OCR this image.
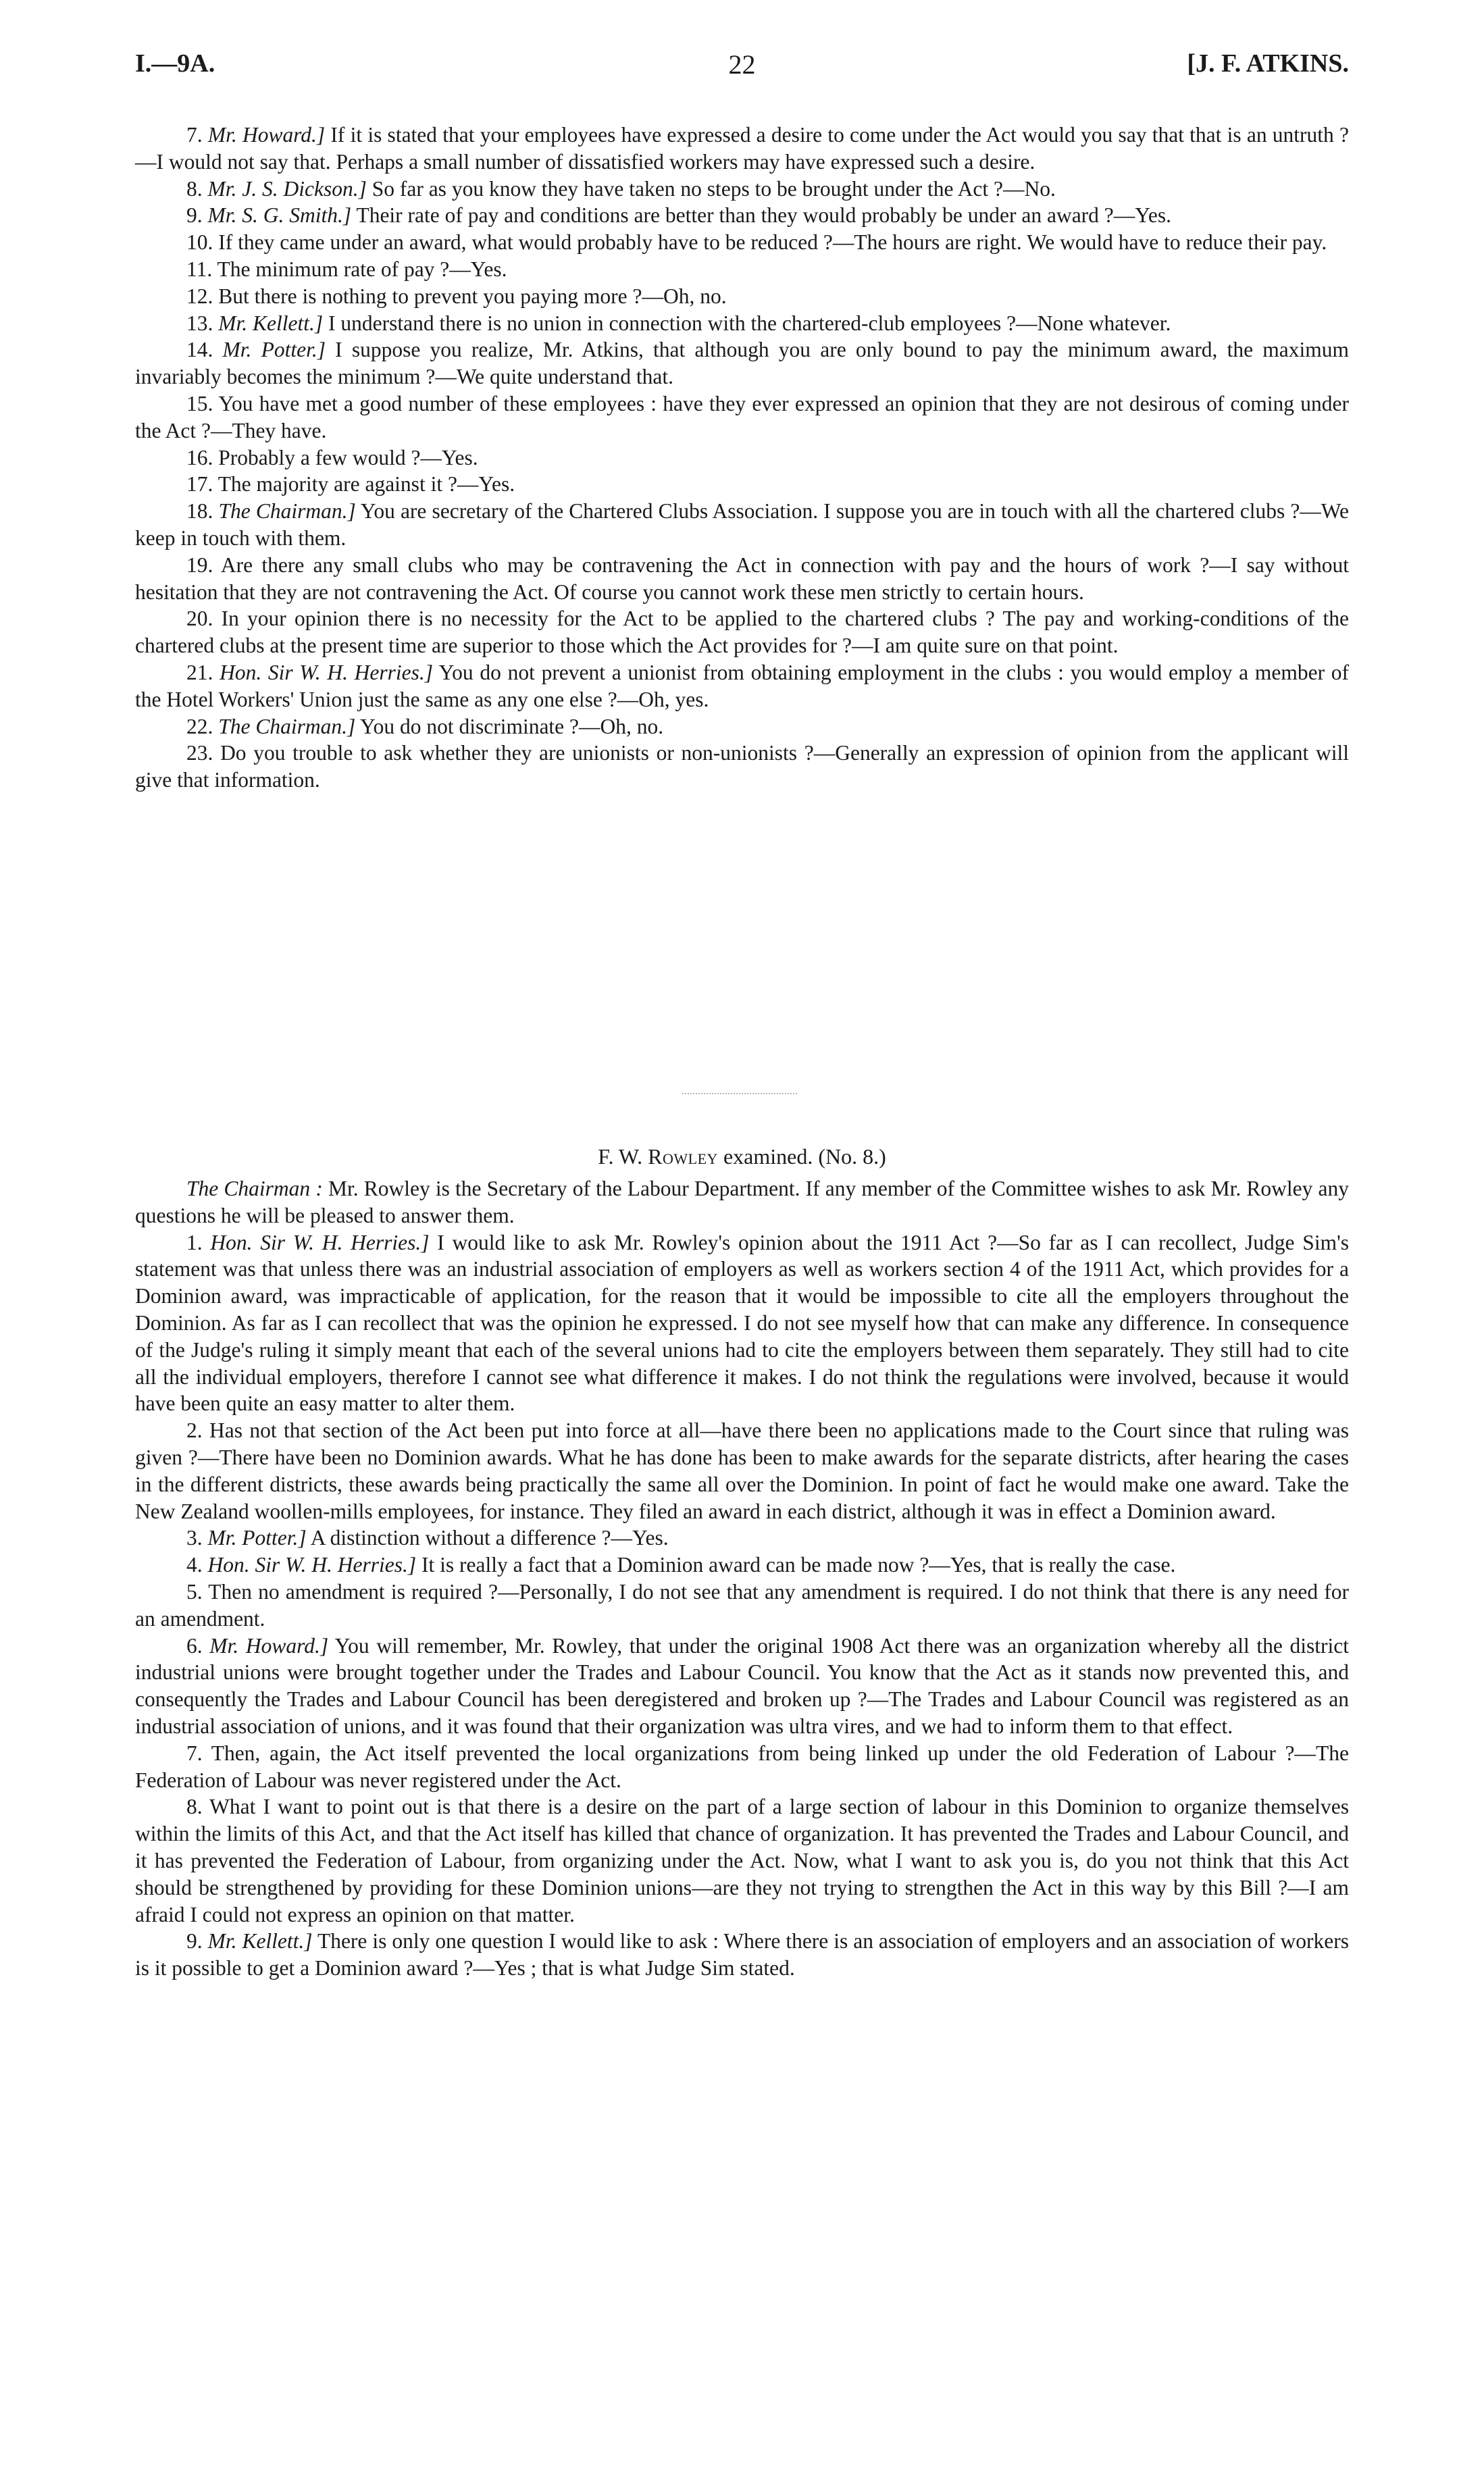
I.—9A.	22	[J. F. ATKINS.

7. Mr. Howard.] If it is stated that your employees have expressed a desire to come under the Act would you say that that is an untruth ?—I would not say that. Perhaps a small number of dissatisfied workers may have expressed such a desire.

8. Mr. J. S. Dickson.] So far as you know they have taken no steps to be brought under the Act ?—No.

9. Mr. S. G. Smith.] Their rate of pay and conditions are better than they would probably be under an award ?—Yes.

10. If they came under an award, what would probably have to be reduced ?—The hours are right. We would have to reduce their pay.

11. The minimum rate of pay ?—Yes.

12. But there is nothing to prevent you paying more ?—Oh, no.

13. Mr. Kellett.] I understand there is no union in connection with the chartered-club employees ?—None whatever.

14. Mr. Potter.] I suppose you realize, Mr. Atkins, that although you are only bound to pay the minimum award, the maximum invariably becomes the minimum ?—We quite understand that.

15. You have met a good number of these employees : have they ever expressed an opinion that they are not desirous of coming under the Act ?—They have.

16. Probably a few would ?—Yes.

17. The majority are against it ?—Yes.

18. The Chairman.] You are secretary of the Chartered Clubs Association. I suppose you are in touch with all the chartered clubs ?—We keep in touch with them.

19. Are there any small clubs who may be contravening the Act in connection with pay and the hours of work ?—I say without hesitation that they are not contravening the Act. Of course you cannot work these men strictly to certain hours.

20. In your opinion there is no necessity for the Act to be applied to the chartered clubs ? The pay and working-conditions of the chartered clubs at the present time are superior to those which the Act provides for ?—I am quite sure on that point.

21. Hon. Sir W. H. Herries.] You do not prevent a unionist from obtaining employment in the clubs : you would employ a member of the Hotel Workers' Union just the same as any one else ?—Oh, yes.

22. The Chairman.] You do not discriminate ?—Oh, no.

23. Do you trouble to ask whether they are unionists or non-unionists ?—Generally an expression of opinion from the applicant will give that information.

F. W. Rowley examined. (No. 8.)

The Chairman : Mr. Rowley is the Secretary of the Labour Department. If any member of the Committee wishes to ask Mr. Rowley any questions he will be pleased to answer them.

1. Hon. Sir W. H. Herries.] I would like to ask Mr. Rowley's opinion about the 1911 Act ?—So far as I can recollect, Judge Sim's statement was that unless there was an industrial association of employers as well as workers section 4 of the 1911 Act, which provides for a Dominion award, was impracticable of application, for the reason that it would be impossible to cite all the employers throughout the Dominion. As far as I can recollect that was the opinion he expressed. I do not see myself how that can make any difference. In consequence of the Judge's ruling it simply meant that each of the several unions had to cite the employers between them separately. They still had to cite all the individual employers, therefore I cannot see what difference it makes. I do not think the regulations were involved, because it would have been quite an easy matter to alter them.

2. Has not that section of the Act been put into force at all—have there been no applications made to the Court since that ruling was given ?—There have been no Dominion awards. What he has done has been to make awards for the separate districts, after hearing the cases in the different districts, these awards being practically the same all over the Dominion. In point of fact he would make one award. Take the New Zealand woollen-mills employees, for instance. They filed an award in each district, although it was in effect a Dominion award.

3. Mr. Potter.] A distinction without a difference ?—Yes.

4. Hon. Sir W. H. Herries.] It is really a fact that a Dominion award can be made now ?—Yes, that is really the case.

5. Then no amendment is required ?—Personally, I do not see that any amendment is required. I do not think that there is any need for an amendment.

6. Mr. Howard.] You will remember, Mr. Rowley, that under the original 1908 Act there was an organization whereby all the district industrial unions were brought together under the Trades and Labour Council. You know that the Act as it stands now prevented this, and consequently the Trades and Labour Council has been deregistered and broken up ?—The Trades and Labour Council was registered as an industrial association of unions, and it was found that their organization was ultra vires, and we had to inform them to that effect.

7. Then, again, the Act itself prevented the local organizations from being linked up under the old Federation of Labour ?—The Federation of Labour was never registered under the Act.

8. What I want to point out is that there is a desire on the part of a large section of labour in this Dominion to organize themselves within the limits of this Act, and that the Act itself has killed that chance of organization. It has prevented the Trades and Labour Council, and it has prevented the Federation of Labour, from organizing under the Act. Now, what I want to ask you is, do you not think that this Act should be strengthened by providing for these Dominion unions—are they not trying to strengthen the Act in this way by this Bill ?—I am afraid I could not express an opinion on that matter.

9. Mr. Kellett.] There is only one question I would like to ask : Where there is an association of employers and an association of workers is it possible to get a Dominion award ?—Yes ; that is what Judge Sim stated.
